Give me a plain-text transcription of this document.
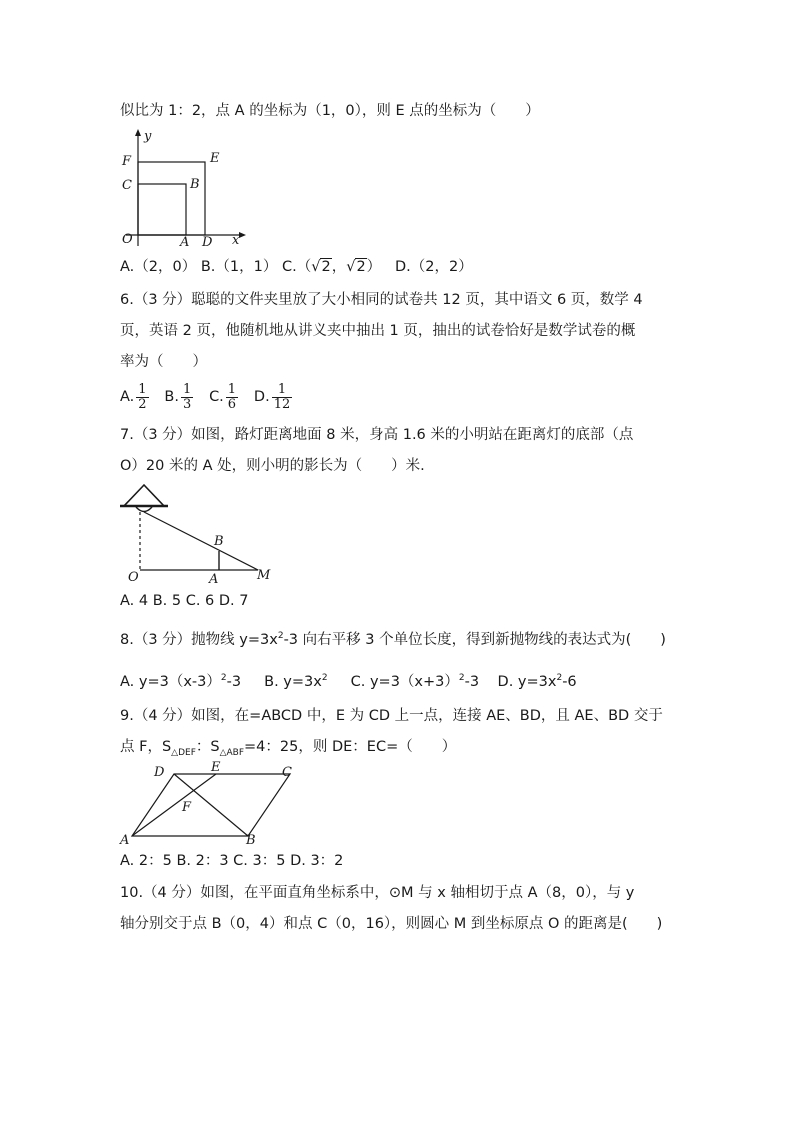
似比为 1：2，点 A 的坐标为（1，0），则 E 点的坐标为（　　）
y
F	E
C	B
O	A D x
A.（2，0） B.（1，1） C.（√2，√2） D.（2，2）
6.（3 分）聪聪的文件夹里放了大小相同的试卷共 12 页，其中语文 6 页，数学 4
页，英语 2 页，他随机地从讲义夹中抽出 1 页，抽出的试卷恰好是数学试卷的概
率为（　　）
A. $\frac{1}{2} B$. $\frac{1}{3} C$. $\frac{1}{6} D$. $\frac{1}{12}$
7.（3 分）如图，路灯距离地面 8 米，身高 1.6 米的小明站在距离灯的底部（点
O）20 米的 A 处，则小明的影长为（　　）米.
B
O	A	M
A. 4 B. 5 C. 6 D. 7
8.（3 分）抛物线 $y=3x^2-3$ 向右平移 3 个单位长度，得到新抛物线的表达式为(　　)
A. $y=3(x-3)^2-3$ B. $y=3x^2$ C. $y=3(x+3)^2-3$ D. $y=3x^2-6$
9.（4 分）如图，在=ABCD 中，E 为 CD 上一点，连接 AE、BD，且 AE、BD 交于
点 F，$S_{\triangle DEF}$：$S_{\triangle ABF}=4$：25，则 DE：EC=（　　）
D	E	C
F
A	B
A. 2：5 B. 2：3 C. 3：5 D. 3：2
10.（4 分）如图，在平面直角坐标系中，⊙M 与 x 轴相切于点 A（8，0），与 y
轴分别交于点 B（0，4）和点 C（0，16），则圆心 M 到坐标原点 O 的距离是(　　)
